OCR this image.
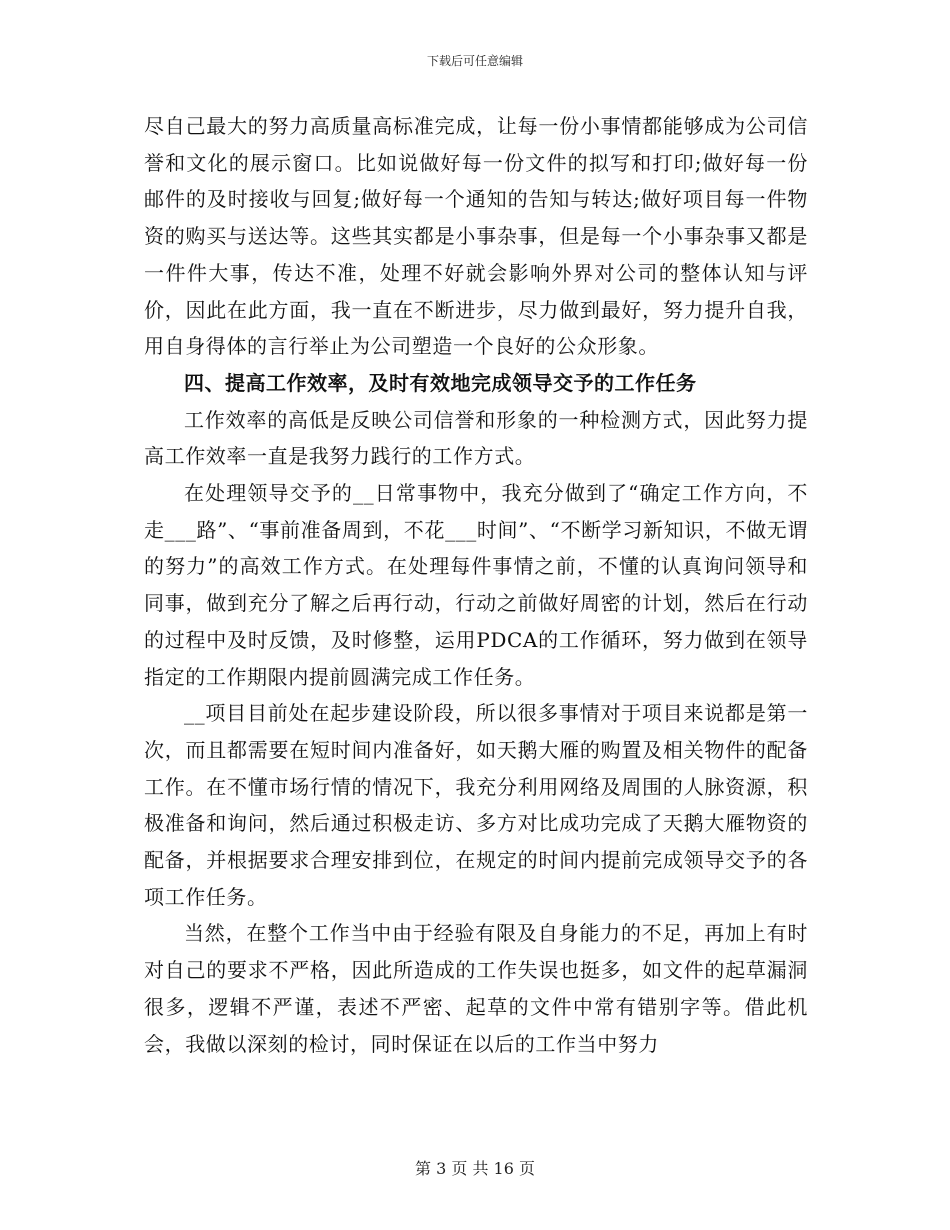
下载后可任意编辑

尽自己最大的努力高质量高标准完成，让每一份小事情都能够成为公司信誉和文化的展示窗口。比如说做好每一份文件的拟写和打印;做好每一份邮件的及时接收与回复;做好每一个通知的告知与转达;做好项目每一件物资的购买与送达等。这些其实都是小事杂事，但是每一个小事杂事又都是一件件大事，传达不准，处理不好就会影响外界对公司的整体认知与评价，因此在此方面，我一直在不断进步，尽力做到最好，努力提升自我，用自身得体的言行举止为公司塑造一个良好的公众形象。

四、提高工作效率，及时有效地完成领导交予的工作任务

工作效率的高低是反映公司信誉和形象的一种检测方式，因此努力提高工作效率一直是我努力践行的工作方式。

在处理领导交予的__日常事物中，我充分做到了“确定工作方向，不走___路”、“事前准备周到，不花___时间”、“不断学习新知识，不做无谓的努力”的高效工作方式。在处理每件事情之前，不懂的认真询问领导和同事，做到充分了解之后再行动，行动之前做好周密的计划，然后在行动的过程中及时反馈，及时修整，运用PDCA的工作循环，努力做到在领导指定的工作期限内提前圆满完成工作任务。

__项目目前处在起步建设阶段，所以很多事情对于项目来说都是第一次，而且都需要在短时间内准备好，如天鹅大雁的购置及相关物件的配备工作。在不懂市场行情的情况下，我充分利用网络及周围的人脉资源，积极准备和询问，然后通过积极走访、多方对比成功完成了天鹅大雁物资的配备，并根据要求合理安排到位，在规定的时间内提前完成领导交予的各项工作任务。

当然，在整个工作当中由于经验有限及自身能力的不足，再加上有时对自己的要求不严格，因此所造成的工作失误也挺多，如文件的起草漏洞很多，逻辑不严谨，表述不严密、起草的文件中常有错别字等。借此机会，我做以深刻的检讨，同时保证在以后的工作当中努力

第 3 页 共 16 页
